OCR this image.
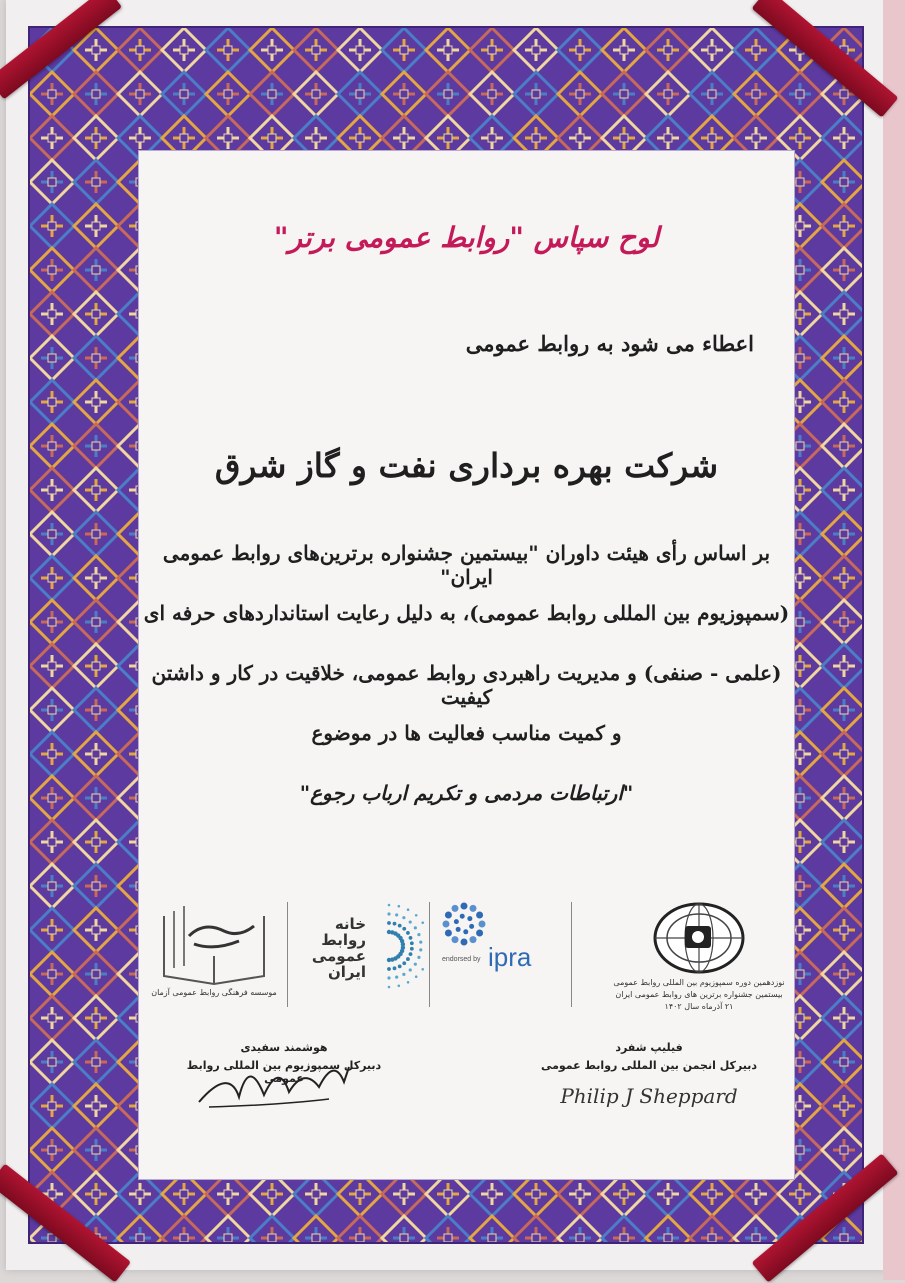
لوح سپاس "روابط عمومی برتر"
اعطاء می شود به روابط عمومی
شرکت بهره برداری نفت و گاز شرق
بر اساس رأی هیئت داوران "بیستمین جشنواره برترین‌های روابط عمومی ایران"
(سمپوزیوم بین المللی روابط عمومی)، به دلیل رعایت استانداردهای حرفه ای
(علمی - صنفی) و مدیریت راهبردی روابط عمومی، خلاقیت در کار و داشتن کیفیت
و کمیت مناسب فعالیت ها در موضوع
"ارتباطات مردمی و تکریم ارباب رجوع"
نوزدهمین دوره سمپوزیوم بین المللی روابط عمومی
بیستمین جشنواره برترین های روابط عمومی ایران
۲۱ آذرماه سال ۱۴۰۲
endorsed by ipra
خانه
روابط
عمومی
ایران
موسسه فرهنگی روابط عمومی آزمان
فیلیپ شفرد
دبیرکل انجمن بین المللی روابط عمومی
Philip J Sheppard
هوشمند سفیدی
دبیرکل سمپوزیوم بین المللی روابط عمومی
